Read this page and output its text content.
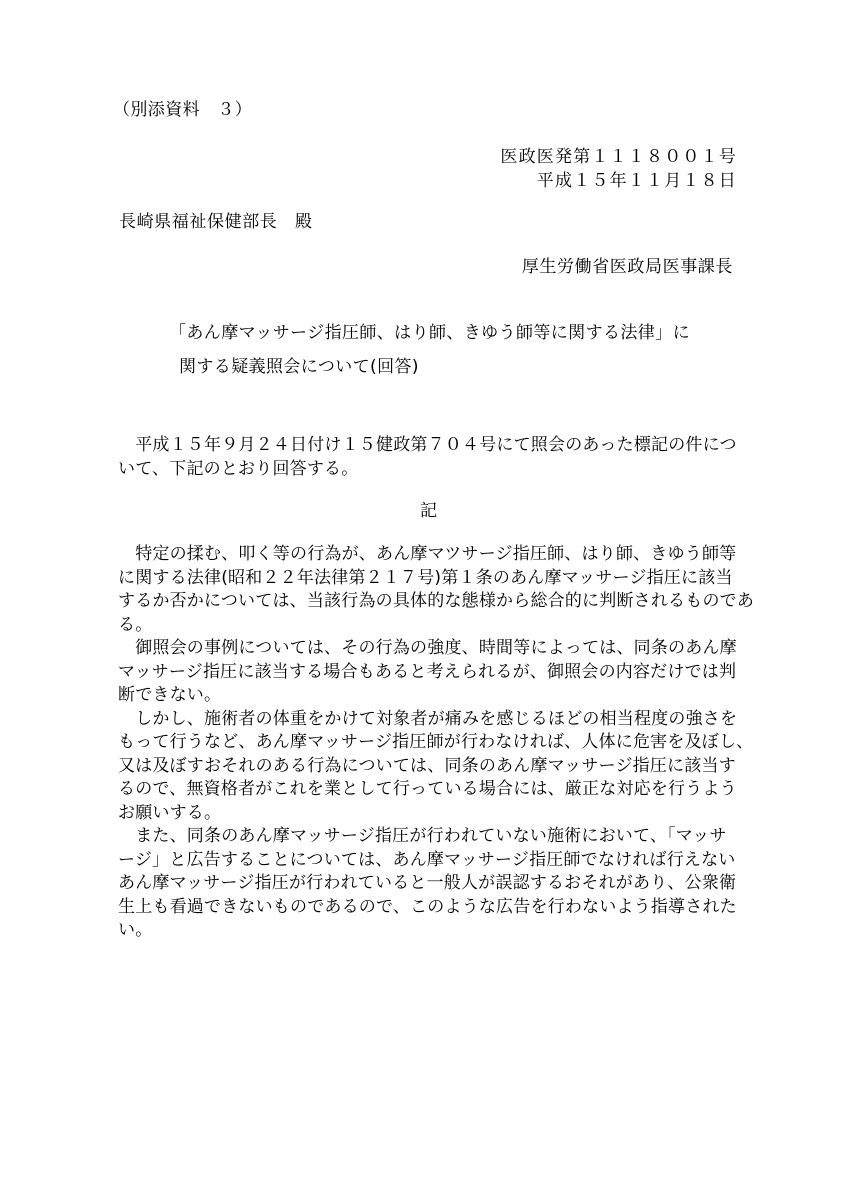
（別添資料　３）
医政医発第１１１８００１号
平成１５年１１月１８日
長崎県福祉保健部長　殿
厚生労働省医政局医事課長
「あん摩マッサージ指圧師、はり師、きゆう師等に関する法律」に
関する疑義照会について(回答)
　平成１５年９月２４日付け１５健政第７０４号にて照会のあった標記の件につ
いて、下記のとおり回答する。
記
　特定の揉む、叩く等の行為が、あん摩マツサージ指圧師、はり師、きゆう師等
に関する法律(昭和２２年法律第２１７号)第１条のあん摩マッサージ指圧に該当
するか否かについては、当該行為の具体的な態様から総合的に判断されるものであ
る。
　御照会の事例については、その行為の強度、時間等によっては、同条のあん摩
マッサージ指圧に該当する場合もあると考えられるが、御照会の内容だけでは判
断できない。
　しかし、施術者の体重をかけて対象者が痛みを感じるほどの相当程度の強さを
もって行うなど、あん摩マッサージ指圧師が行わなければ、人体に危害を及ぼし、
又は及ぼすおそれのある行為については、同条のあん摩マッサージ指圧に該当す
るので、無資格者がこれを業として行っている場合には、厳正な対応を行うよう
お願いする。
　また、同条のあん摩マッサージ指圧が行われていない施術において、「マッサ
ージ」と広告することについては、あん摩マッサージ指圧師でなければ行えない
あん摩マッサージ指圧が行われていると一般人が誤認するおそれがあり、公衆衛
生上も看過できないものであるので、このような広告を行わないよう指導された
い。
